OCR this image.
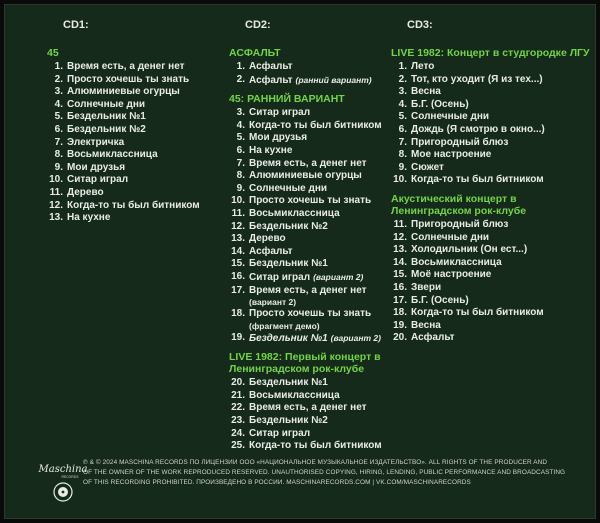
CD1:
45
1. Время есть, а денег нет
2. Просто хочешь ты знать
3. Алюминиевые огурцы
4. Солнечные дни
5. Бездельник №1
6. Бездельник №2
7. Электричка
8. Восьмиклассница
9. Мои друзья
10. Ситар играл
11. Дерево
12. Когда-то ты был битником
13. На кухне
CD2:
АСФАЛЬТ
1. Асфальт
2. Асфальт (ранний вариант)
45: РАННИЙ ВАРИАНТ
3. Ситар играл
4. Когда-то ты был битником
5. Мои друзья
6. На кухне
7. Время есть, а денег нет
8. Алюминиевые огурцы
9. Солнечные дни
10. Просто хочешь ты знать
11. Восьмиклассница
12. Бездельник №2
13. Дерево
14. Асфальт
15. Бездельник №1
16. Ситар играл (вариант 2)
17. Время есть, а денег нет
(вариант 2)
18. Просто хочешь ты знать
(фрагмент демо)
19. Бездельник №1 (вариант 2)
LIVE 1982: Первый концерт в Ленинградском рок-клубе
20. Бездельник №1
21. Восьмиклассница
22. Время есть, а денег нет
23. Бездельник №2
24. Ситар играл
25. Когда-то ты был битником
CD3:
LIVE 1982: Концерт в студгородке ЛГУ
1. Лето
2. Тот, кто уходит (Я из тех...)
3. Весна
4. Б.Г. (Осень)
5. Солнечные дни
6. Дождь (Я смотрю в окно...)
7. Пригородный блюз
8. Мое настроение
9. Сюжет
10. Когда-то ты был битником
Акустический концерт в Ленинградском рок-клубе
11. Пригородный блюз
12. Солнечные дни
13. Холодильник (Он ест...)
14. Восьмиклассница
15. Моё настроение
16. Звери
17. Б.Г. (Осень)
18. Когда-то ты был битником
19. Весна
20. Асфальт
Maschina
RECORDS

℗ & © 2024 MASCHINA RECORDS ПО ЛИЦЕНЗИИ ООО «НАЦИОНАЛЬНОЕ МУЗЫКАЛЬНОЕ ИЗДАТЕЛЬСТВО». ALL RIGHTS OF THE PRODUCER AND

OF THE OWNER OF THE WORK REPRODUCED RESERVED. UNAUTHORISED COPYING, HIRING, LENDING, PUBLIC PERFORMANCE AND BROADCASTING

OF THIS RECORDING PROHIBITED. ПРОИЗВЕДЕНО В РОССИИ. MASCHINARECORDS.COM | VK.COM/MASCHINARECORDS
